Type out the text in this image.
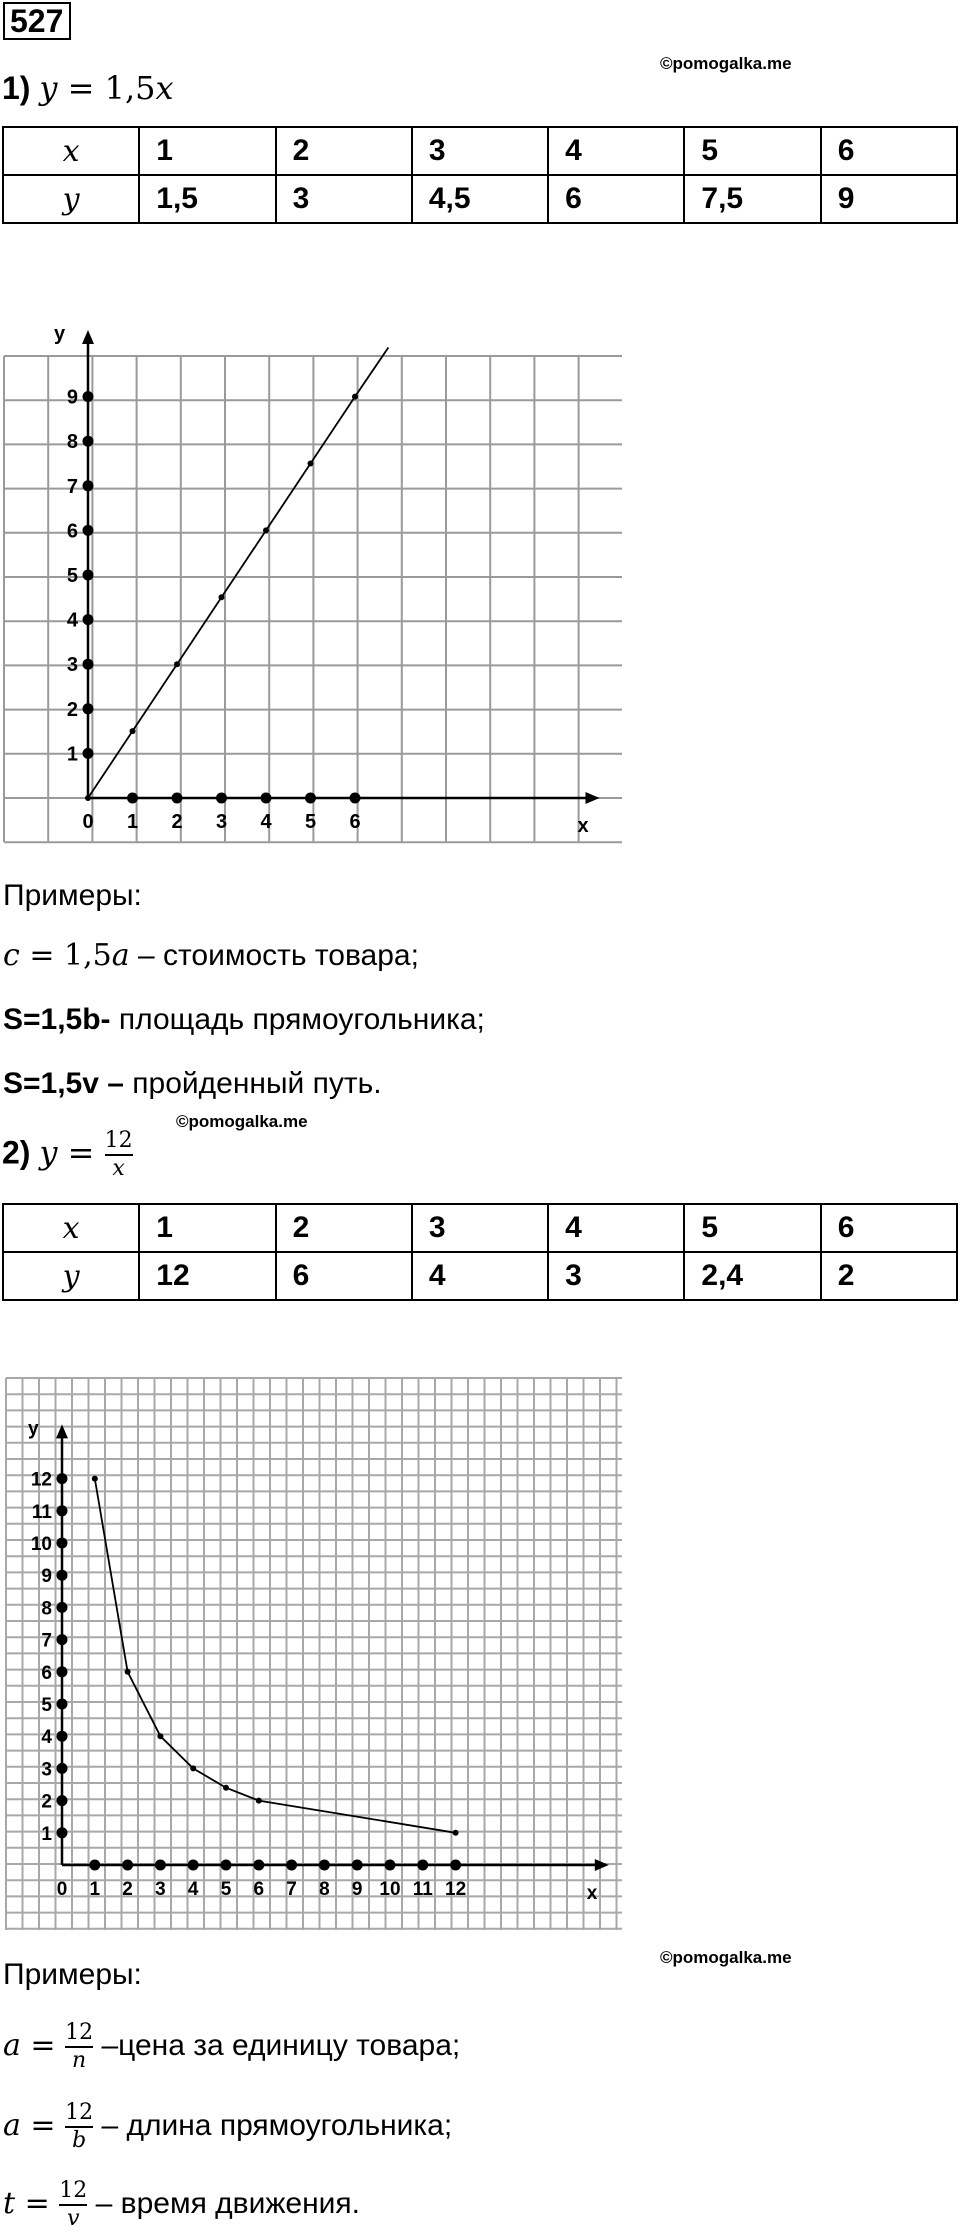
527
©pomogalka.me
1) y = 1,5x
x	1	2	3	4	5	6
y	1,5	3	4,5	6	7,5	9
x
y
0 1 2 3 4 5 6
1
2
3
4
5
6
7
8
9
Примеры:
c = 1,5a – стоимость товара;
S=1,5b- площадь прямоугольника;
S=1,5v – пройденный путь.
©pomogalka.me
2) $y = \frac{12}{x}$
x	1	2	3	4	5	6
y	12	6	4	3	2,4	2
x
y
0 1 2 3 4 5 6 7 8 9 10 11 12
1
2
3
4
5
6
7
8
9
10
11
12
©pomogalka.me
Примеры:
$a = \frac{12}{n}$ –цена за единицу товара;
$a = \frac{12}{b}$ – длина прямоугольника;
$t = \frac{12}{v}$ – время движения.
